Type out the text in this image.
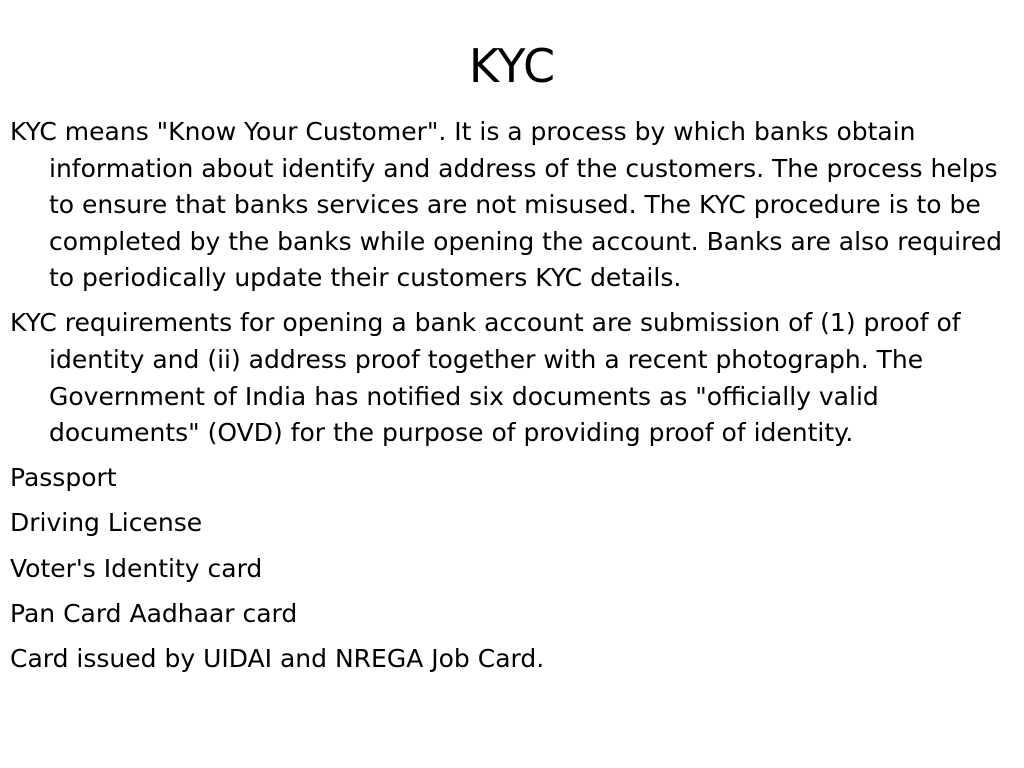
KYC
KYC means "Know Your Customer". It is a process by which banks obtain information about identify and address of the customers. The process helps to ensure that banks services are not misused. The KYC procedure is to be completed by the banks while opening the account. Banks are also required to periodically update their customers KYC details.
KYC requirements for opening a bank account are submission of (1) proof of identity and (ii) address proof together with a recent photograph. The Government of India has notified six documents as "officially valid documents" (OVD) for the purpose of providing proof of identity.
Passport
Driving License
Voter's Identity card
Pan Card Aadhaar card
Card issued by UIDAI and NREGA Job Card.
